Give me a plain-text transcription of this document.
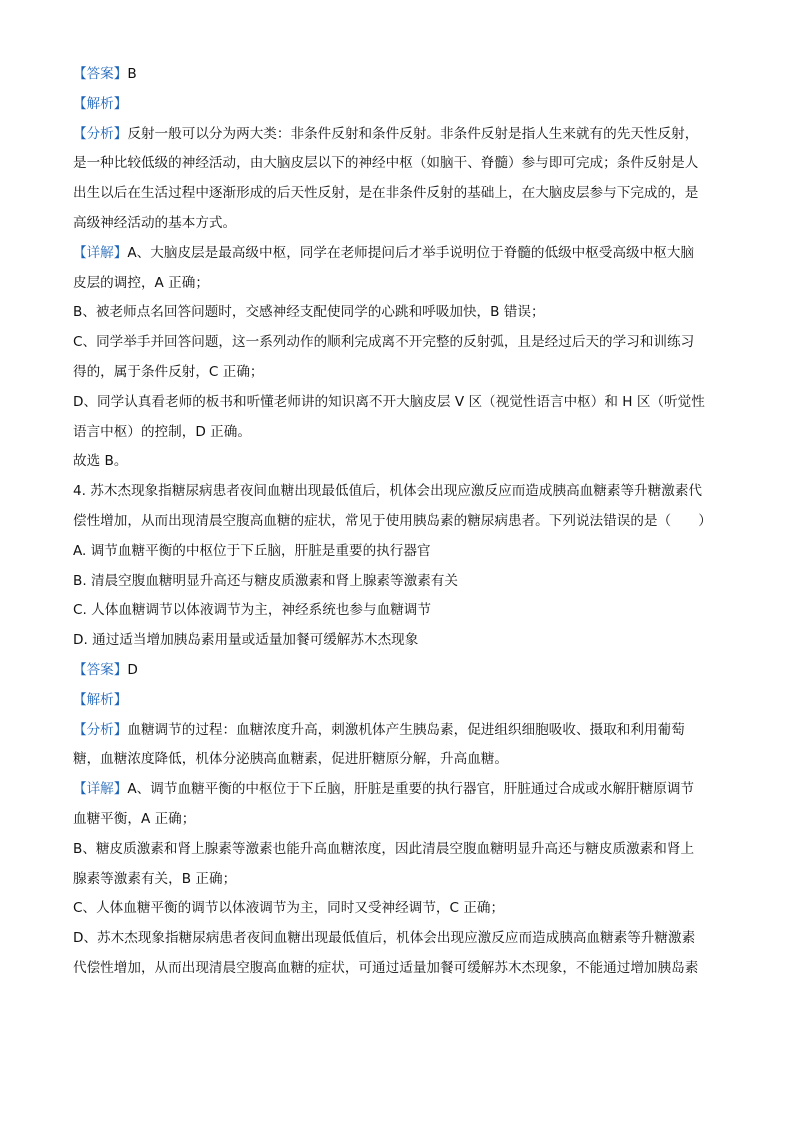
【答案】B
【解析】
【分析】反射一般可以分为两大类：非条件反射和条件反射。非条件反射是指人生来就有的先天性反射，
是一种比较低级的神经活动，由大脑皮层以下的神经中枢（如脑干、脊髓）参与即可完成；条件反射是人
出生以后在生活过程中逐渐形成的后天性反射，是在非条件反射的基础上，在大脑皮层参与下完成的，是
高级神经活动的基本方式。
【详解】A、大脑皮层是最高级中枢，同学在老师提问后才举手说明位于脊髓的低级中枢受高级中枢大脑
皮层的调控，A 正确；
B、被老师点名回答问题时，交感神经支配使同学的心跳和呼吸加快，B 错误；
C、同学举手并回答问题，这一系列动作的顺利完成离不开完整的反射弧，且是经过后天的学习和训练习
得的，属于条件反射，C 正确；
D、同学认真看老师的板书和听懂老师讲的知识离不开大脑皮层 V 区（视觉性语言中枢）和 H 区（听觉性
语言中枢）的控制，D 正确。
故选 B。
4. 苏木杰现象指糖尿病患者夜间血糖出现最低值后，机体会出现应激反应而造成胰高血糖素等升糖激素代
偿性增加，从而出现清晨空腹高血糖的症状，常见于使用胰岛素的糖尿病患者。下列说法错误的是（　　）
A. 调节血糖平衡的中枢位于下丘脑，肝脏是重要的执行器官
B. 清晨空腹血糖明显升高还与糖皮质激素和肾上腺素等激素有关
C. 人体血糖调节以体液调节为主，神经系统也参与血糖调节
D. 通过适当增加胰岛素用量或适量加餐可缓解苏木杰现象
【答案】D
【解析】
【分析】血糖调节的过程：血糖浓度升高，刺激机体产生胰岛素，促进组织细胞吸收、摄取和利用葡萄
糖，血糖浓度降低，机体分泌胰高血糖素，促进肝糖原分解，升高血糖。
【详解】A、调节血糖平衡的中枢位于下丘脑，肝脏是重要的执行器官，肝脏通过合成或水解肝糖原调节
血糖平衡，A 正确；
B、糖皮质激素和肾上腺素等激素也能升高血糖浓度，因此清晨空腹血糖明显升高还与糖皮质激素和肾上
腺素等激素有关，B 正确；
C、人体血糖平衡的调节以体液调节为主，同时又受神经调节，C 正确；
D、苏木杰现象指糖尿病患者夜间血糖出现最低值后，机体会出现应激反应而造成胰高血糖素等升糖激素
代偿性增加，从而出现清晨空腹高血糖的症状，可通过适量加餐可缓解苏木杰现象，不能通过增加胰岛素
